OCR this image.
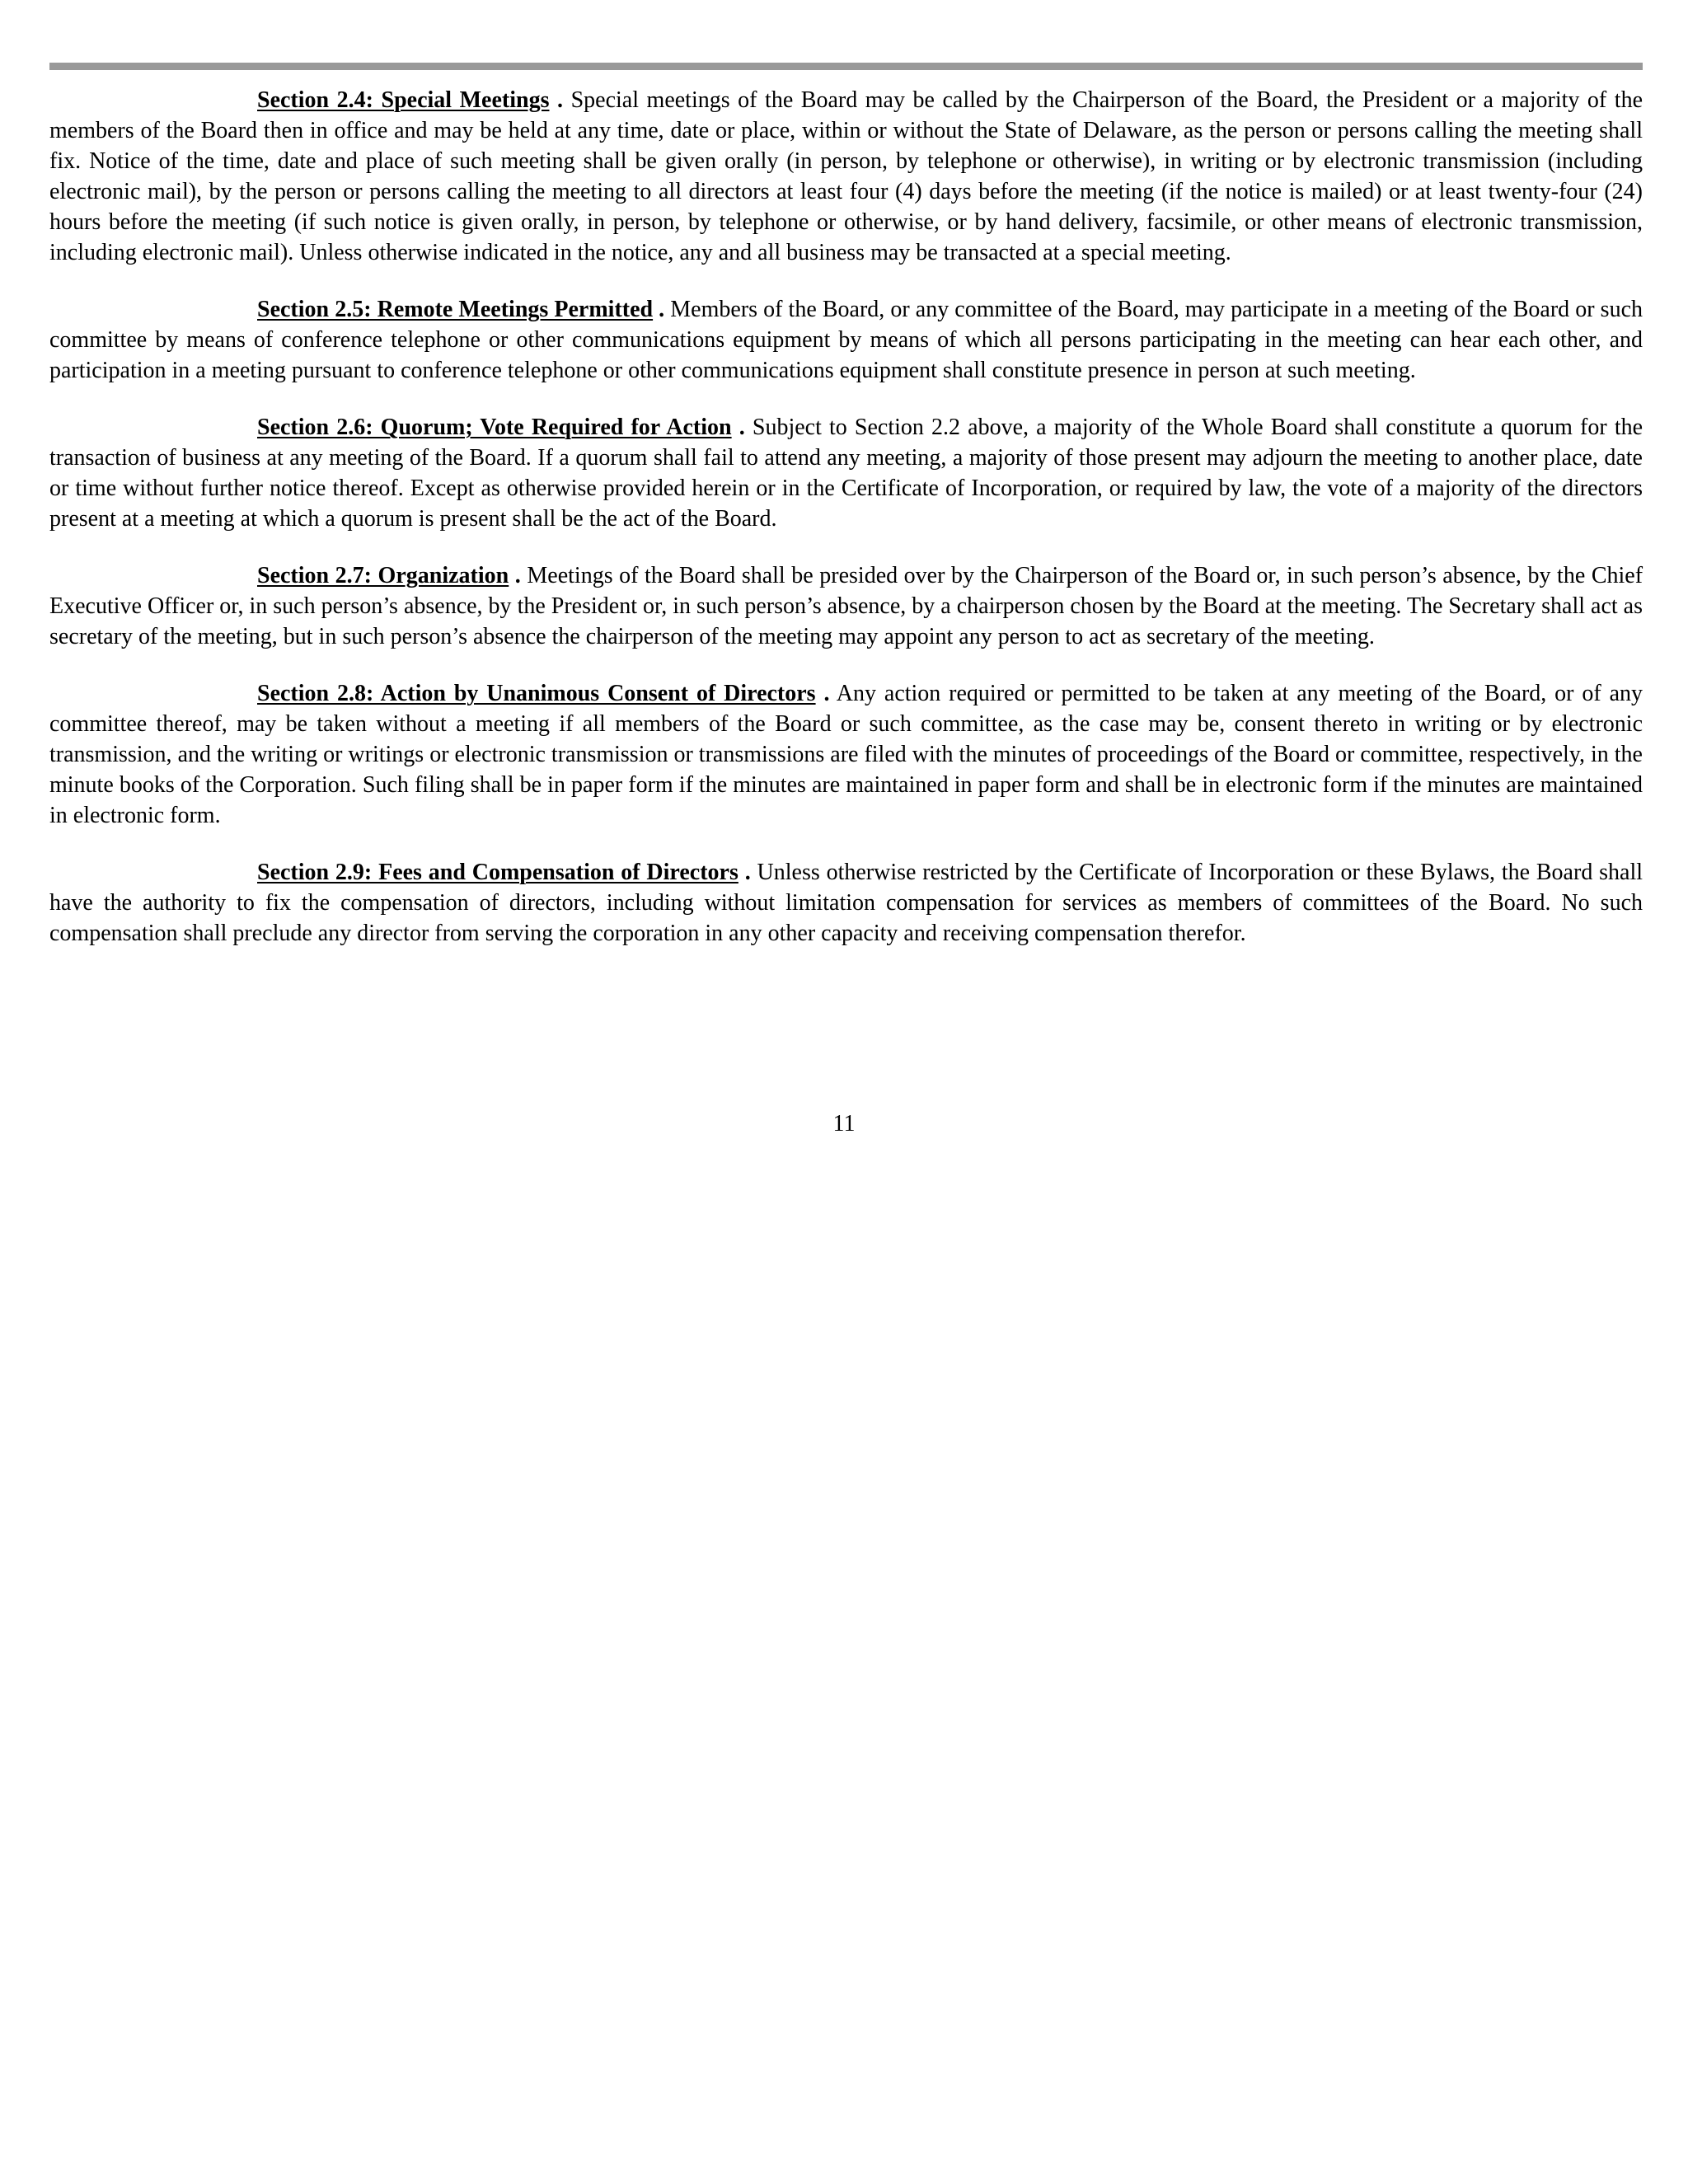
Section 2.4: Special Meetings . Special meetings of the Board may be called by the Chairperson of the Board, the President or a majority of the members of the Board then in office and may be held at any time, date or place, within or without the State of Delaware, as the person or persons calling the meeting shall fix. Notice of the time, date and place of such meeting shall be given orally (in person, by telephone or otherwise), in writing or by electronic transmission (including electronic mail), by the person or persons calling the meeting to all directors at least four (4) days before the meeting (if the notice is mailed) or at least twenty-four (24) hours before the meeting (if such notice is given orally, in person, by telephone or otherwise, or by hand delivery, facsimile, or other means of electronic transmission, including electronic mail). Unless otherwise indicated in the notice, any and all business may be transacted at a special meeting.

Section 2.5: Remote Meetings Permitted . Members of the Board, or any committee of the Board, may participate in a meeting of the Board or such committee by means of conference telephone or other communications equipment by means of which all persons participating in the meeting can hear each other, and participation in a meeting pursuant to conference telephone or other communications equipment shall constitute presence in person at such meeting.

Section 2.6: Quorum; Vote Required for Action . Subject to Section 2.2 above, a majority of the Whole Board shall constitute a quorum for the transaction of business at any meeting of the Board. If a quorum shall fail to attend any meeting, a majority of those present may adjourn the meeting to another place, date or time without further notice thereof. Except as otherwise provided herein or in the Certificate of Incorporation, or required by law, the vote of a majority of the directors present at a meeting at which a quorum is present shall be the act of the Board.

Section 2.7: Organization . Meetings of the Board shall be presided over by the Chairperson of the Board or, in such person’s absence, by the Chief Executive Officer or, in such person’s absence, by the President or, in such person’s absence, by a chairperson chosen by the Board at the meeting. The Secretary shall act as secretary of the meeting, but in such person’s absence the chairperson of the meeting may appoint any person to act as secretary of the meeting.

Section 2.8: Action by Unanimous Consent of Directors . Any action required or permitted to be taken at any meeting of the Board, or of any committee thereof, may be taken without a meeting if all members of the Board or such committee, as the case may be, consent thereto in writing or by electronic transmission, and the writing or writings or electronic transmission or transmissions are filed with the minutes of proceedings of the Board or committee, respectively, in the minute books of the Corporation. Such filing shall be in paper form if the minutes are maintained in paper form and shall be in electronic form if the minutes are maintained in electronic form.

Section 2.9: Fees and Compensation of Directors . Unless otherwise restricted by the Certificate of Incorporation or these Bylaws, the Board shall have the authority to fix the compensation of directors, including without limitation compensation for services as members of committees of the Board. No such compensation shall preclude any director from serving the corporation in any other capacity and receiving compensation therefor.

11
